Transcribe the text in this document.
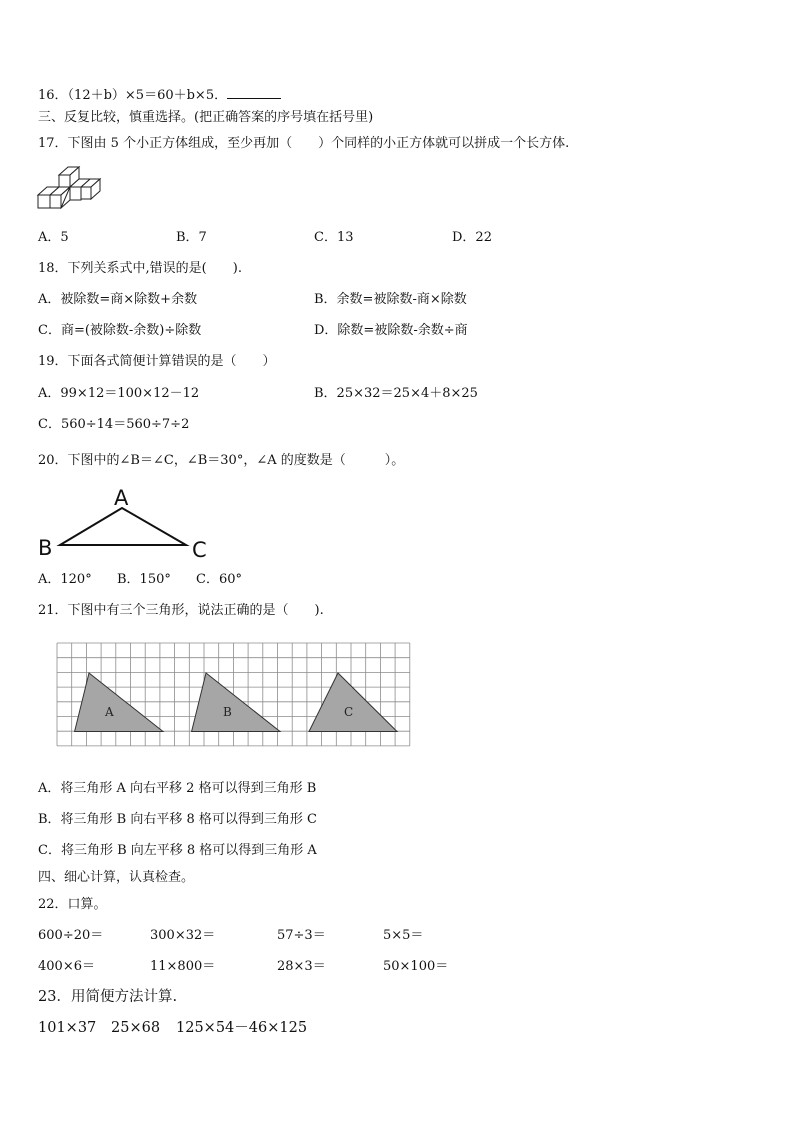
16．（12＋b）×5＝60＋b×5．
三、反复比较，慎重选择。(把正确答案的序号填在括号里)
17．下图由 5 个小正方体组成，至少再加（　　）个同样的小正方体就可以拼成一个长方体.
A．5	B．7	C．13	D．22
18．下列关系式中,错误的是(　　).
A．被除数=商×除数+余数	B．余数=被除数-商×除数
C．商=(被除数-余数)÷除数	D．除数=被除数-余数÷商
19．下面各式简便计算错误的是（　　）
A．99×12＝100×12－12	B．25×32＝25×4＋8×25
C．560÷14＝560÷7÷2
20．下图中的∠B＝∠C，∠B＝30°，∠A 的度数是（　　　）。
A
B	C
A．120° B．150° C．60°
21．下图中有三个三角形，说法正确的是（　　).
A	B	C
A．将三角形 A 向右平移 2 格可以得到三角形 B
B．将三角形 B 向右平移 8 格可以得到三角形 C
C．将三角形 B 向左平移 8 格可以得到三角形 A
四、细心计算，认真检查。
22．口算。
600÷20＝	300×32＝	57÷3＝	5×5＝
400×6＝	11×800＝	28×3＝	50×100＝
23．用简便方法计算.
101×37 25×68 125×54－46×125
